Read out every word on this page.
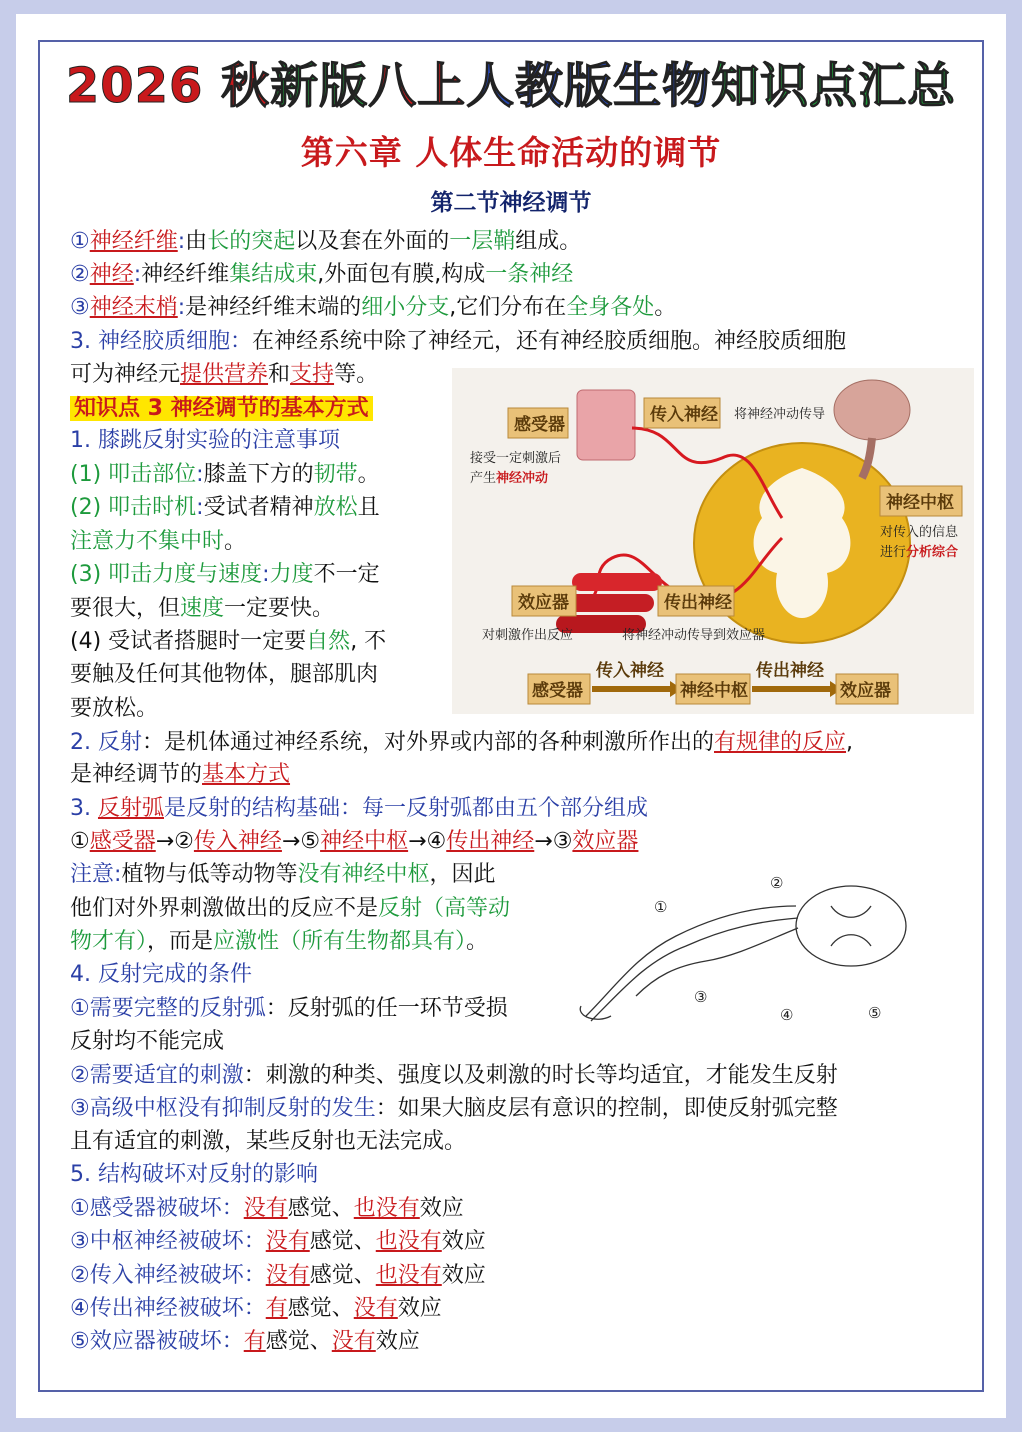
2026 秋新版八上人教版生物知识点汇总
第六章 人体生命活动的调节
第二节神经调节
①神经纤维:由长的突起以及套在外面的一层鞘组成。
②神经:神经纤维集结成束,外面包有膜,构成一条神经
③神经末梢:是神经纤维末端的细小分支,它们分布在全身各处。
3. 神经胶质细胞：在神经系统中除了神经元，还有神经胶质细胞。神经胶质细胞
可为神经元提供营养和支持等。
知识点 3 神经调节的基本方式
1. 膝跳反射实验的注意事项
(1) 叩击部位:膝盖下方的韧带。
(2) 叩击时机:受试者精神放松且
注意力不集中时。
(3) 叩击力度与速度:力度不一定
要很大，但速度一定要快。
(4) 受试者搭腿时一定要自然, 不
要触及任何其他物体，腿部肌肉
要放松。
2. 反射：是机体通过神经系统，对外界或内部的各种刺激所作出的有规律的反应,
是神经调节的基本方式
3. 反射弧是反射的结构基础：每一反射弧都由五个部分组成
①感受器→②传入神经→⑤神经中枢→④传出神经→③效应器
注意:植物与低等动物等没有神经中枢，因此
他们对外界刺激做出的反应不是反射（高等动
物才有），而是应激性（所有生物都具有）。
4. 反射完成的条件
①需要完整的反射弧：反射弧的任一环节受损
反射均不能完成
②需要适宜的刺激：刺激的种类、强度以及刺激的时长等均适宜，才能发生反射
③高级中枢没有抑制反射的发生：如果大脑皮层有意识的控制，即使反射弧完整
且有适宜的刺激，某些反射也无法完成。
5. 结构破坏对反射的影响
①感受器被破坏：没有感觉、也没有效应
③中枢神经被破坏：没有感觉、也没有效应
②传入神经被破坏：没有感觉、也没有效应
④传出神经被破坏：有感觉、没有效应
⑤效应器被破坏：有感觉、没有效应
感受器
传入神经 将神经冲动传导
接受一定刺激后
产生神经冲动
神经中枢
对传入的信息
进行分析综合
效应器	传出神经
对刺激作出反应	将神经冲动传导到效应器
感受器
传入神经
神经中枢
传出神经
效应器
①
②
③
④	⑤
